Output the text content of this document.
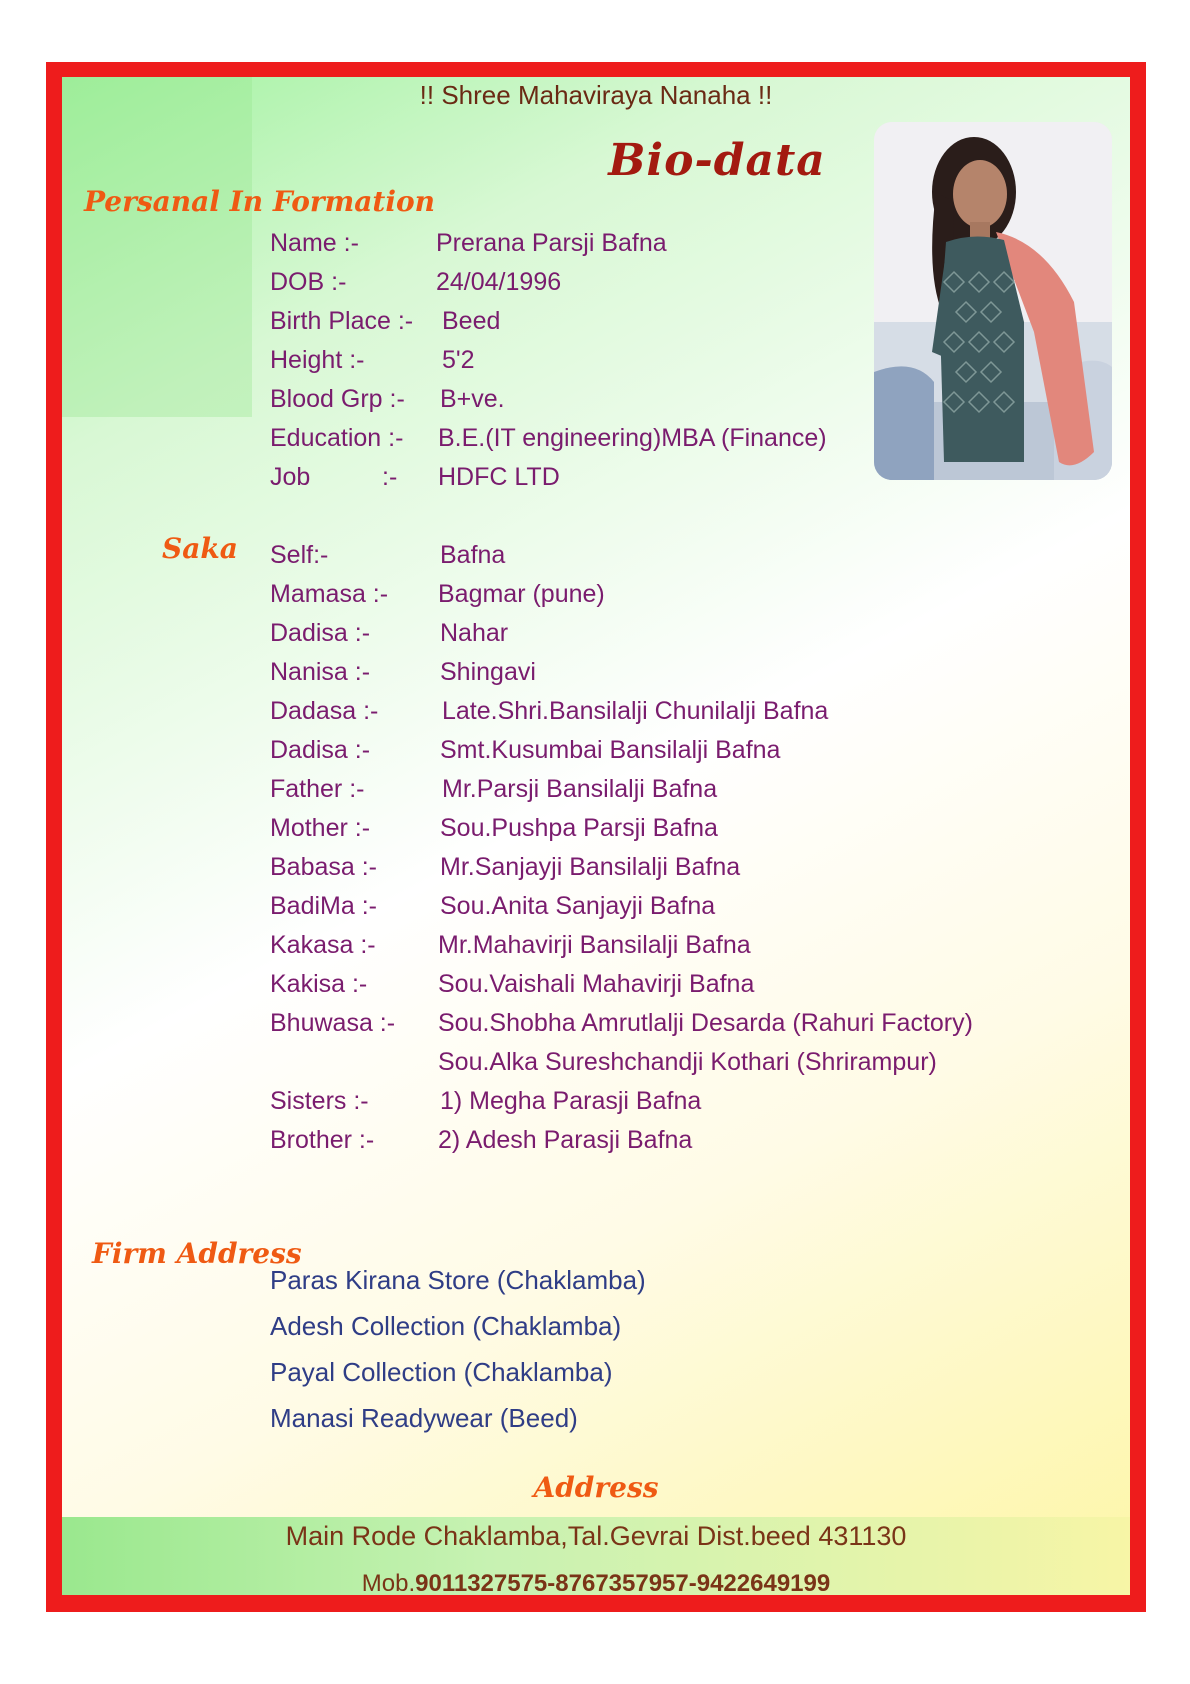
!! Shree Mahaviraya Nanaha !!
Bio-data
Persanal In Formation
Name :-	Prerana Parsji Bafna
DOB :-	24/04/1996
Birth Place :- Beed
Height :-	5'2
Blood Grp :- B+ve.
Education :- B.E.(IT engineering)MBA (Finance)
Job	:- HDFC LTD
Saka Self:-	Bafna
Mamasa :- Bagmar (pune)
Dadisa :-	Nahar
Nanisa :-	Shingavi
Dadasa :-	Late.Shri.Bansilalji Chunilalji Bafna
Dadisa :-	Smt.Kusumbai Bansilalji Bafna
Father :-	Mr.Parsji Bansilalji Bafna
Mother :-	Sou.Pushpa Parsji Bafna
Babasa :-	Mr.Sanjayji Bansilalji Bafna
BadiMa :-	Sou.Anita Sanjayji Bafna
Kakasa :- Mr.Mahavirji Bansilalji Bafna
Kakisa :-	Sou.Vaishali Mahavirji Bafna
Bhuwasa :- Sou.Shobha Amrutlalji Desarda (Rahuri Factory)
Sou.Alka Sureshchandji Kothari (Shrirampur)
Sisters :-	1) Megha Parasji Bafna
Brother :-	2) Adesh Parasji Bafna
Firm Address
Paras Kirana Store (Chaklamba)
Adesh Collection (Chaklamba)
Payal Collection (Chaklamba)
Manasi Readywear (Beed)
Address
Main Rode Chaklamba,Tal.Gevrai Dist.beed 431130
Mob.9011327575-8767357957-9422649199
